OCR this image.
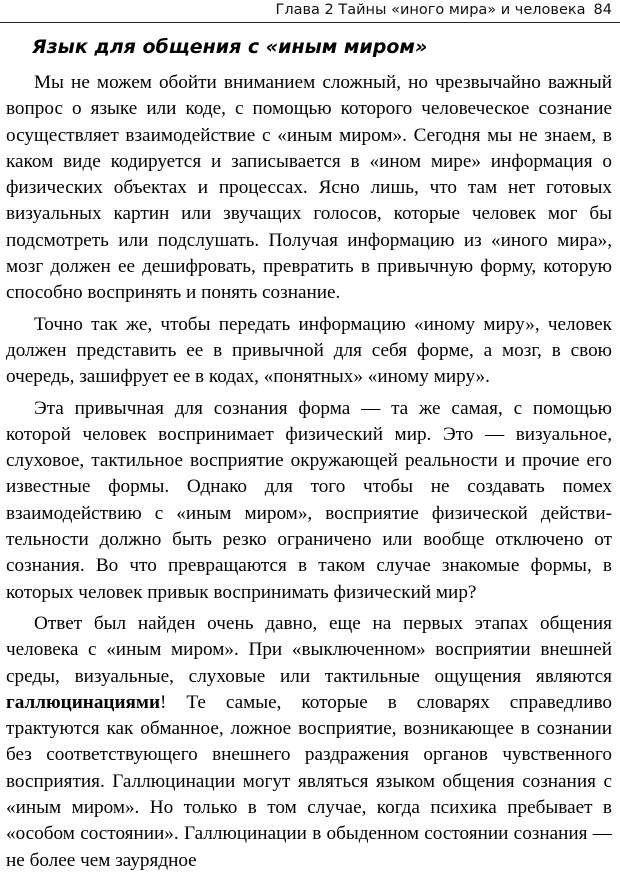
Глава 2 Тайны «иного мира» и человека 84
Язык для общения с «иным миром»

Мы не можем обойти вниманием сложный, но чрезвычайно важный вопрос о языке или коде, с помощью которого человеческое сознание осуществляет взаимодействие с «иным миром». Сегодня мы не знаем, в каком виде кодируется и записывается в «ином мире» информация о физических объектах и процессах. Ясно лишь, что там нет готовых визуальных картин или звучащих голосов, которые человек мог бы подсмотреть или подслушать. Получая информацию из «иного мира», мозг должен ее дешифровать, превратить в привычную форму, которую способно воспринять и понять сознание.

Точно так же, чтобы передать информацию «иному миру», человек должен представить ее в привычной для себя форме, а мозг, в свою очередь, зашифрует ее в кодах, «понятных» «иному миру».

Эта привычная для сознания форма — та же самая, с помощью которой человек воспринимает физический мир. Это — визуальное, слуховое, тактильное восприятие окружающей реальности и прочие его известные формы. Однако для того чтобы не создавать помех взаимодействию с «иным миром», восприятие физической действительности должно быть резко ограничено или вообще отключено от сознания. Во что превращаются в таком случае знакомые формы, в которых человек привык воспринимать физический мир?

Ответ был найден очень давно, еще на первых этапах общения человека с «иным миром». При «выключенном» восприятии внешней среды, визуальные, слуховые или тактильные ощущения являются галлюцинациями! Те самые, которые в словарях справедливо трактуются как обманное, ложное восприятие, возникающее в сознании без соответствующего внешнего раздражения органов чувственного восприятия. Галлюцинации могут являться языком общения сознания с «иным миром». Но только в том случае, когда психика пребывает в «особом состоянии». Галлюцинации в обыденном состоянии сознания — не более чем заурядное
